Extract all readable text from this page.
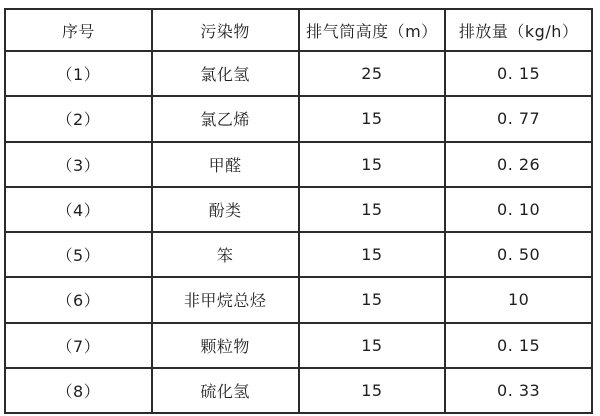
序号	污染物	排气筒高度（m）	排放量（kg/h）
（1）	氯化氢	25	0. 15
（2）	氯乙烯	15	0. 77
（3）	甲醛	15	0. 26
（4）	酚类	15	0. 10
（5）	笨	15	0. 50
（6）	非甲烷总烃	15	10
（7）	颗粒物	15	0. 15
（8）	硫化氢	15	0. 33
